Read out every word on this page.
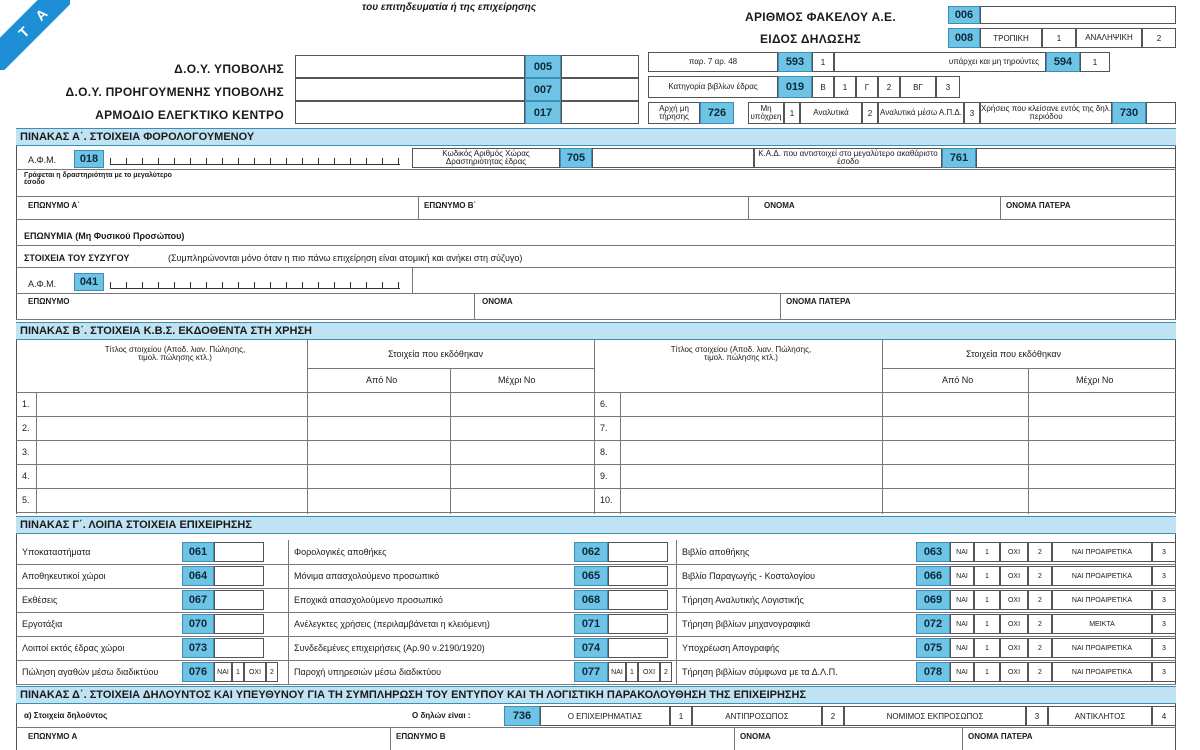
T A	του επιτηδευματία ή της επιχείρησης
ΑΡΙΘΜΟΣ ΦΑΚΕΛΟΥ Α.Ε.	006
ΕΙΔΟΣ ΔΗΛΩΣΗΣ	008	ΤΡΟΠΙΚΗ	1	ΑΝΑΛΗΨΙΚΗ	2
Δ.Ο.Υ. ΥΠΟΒΟΛΗΣ	005
Δ.Ο.Υ. ΠΡΟΗΓΟΥΜΕΝΗΣ ΥΠΟΒΟΛΗΣ	007
ΑΡΜΟΔΙΟ ΕΛΕΓΚΤΙΚΟ ΚΕΝΤΡΟ	017
παρ. 7 αρ. 48	593	1	υπάρχει και μη τηρούντες	594	1
Κατηγορία βιβλίων έδρας	019	Β 1 Γ 2	ΒΓ	3
Αρχή μη τήρησης	726	Μη υπόχρεη 1 Αναλυτικά 2 Αναλυτικά μέσω Α.Π.Δ. 3
Χρήσεις που κλείσανε εντός της δηλ. περιόδου	730
ΠΙΝΑΚΑΣ Α΄. ΣΤΟΙΧΕΙΑ ΦΟΡΟΛΟΓΟΥΜΕΝΟΥ
Α.Φ.Μ.	018	Κωδικός Αριθμός Χώρας Δραστηριότητας έδρας	705	Κ.Α.Δ. που αντιστοιχεί στο μεγαλύτερο ακαθάριστο έσοδο	761
Γράφεται η δραστηριότητα με το μεγαλύτερο έσοδο
ΕΠΩΝΥΜΟ Α΄	ΕΠΩΝΥΜΟ Β΄	ΟΝΟΜΑ	ΟΝΟΜΑ ΠΑΤΕΡΑ
ΕΠΩΝΥΜΙΑ (Μη Φυσικού Προσώπου)
ΣΤΟΙΧΕΙΑ ΤΟΥ ΣΥΖΥΓΟΥ	(Συμπληρώνονται μόνο όταν η πιο πάνω επιχείρηση είναι ατομική και ανήκει στη σύζυγο)
Α.Φ.Μ.	041
ΕΠΩΝΥΜΟ	ΟΝΟΜΑ	ΟΝΟΜΑ ΠΑΤΕΡΑ
ΠΙΝΑΚΑΣ Β΄. ΣΤΟΙΧΕΙΑ Κ.Β.Σ. ΕΚΔΟΘΕΝΤΑ ΣΤΗ ΧΡΗΣΗ
Τίτλος στοιχείου (Αποδ. λιαν. Πώλησης, τιμολ. πώλησης κτλ.)	Στοιχεία που εκδόθηκαν
Από Νο	Μέχρι Νο
Τίτλος στοιχείου (Αποδ. λιαν. Πώλησης, τιμολ. πώλησης κτλ.)	Στοιχεία που εκδόθηκαν
Από Νο	Μέχρι Νο
1.	6.
2.	7.
3.	8.
4.	9.
5.	10.
ΠΙΝΑΚΑΣ Γ΄. ΛΟΙΠΑ ΣΤΟΙΧΕΙΑ ΕΠΙΧΕΙΡΗΣΗΣ
Υποκαταστήματα	061	Φορολογικές αποθήκες	062	Βιβλίο αποθήκης	063	ΝΑΙ	1	ΟΧΙ	2	ΝΑΙ ΠΡΟΑΙΡΕΤΙΚΑ	3
Αποθηκευτικοί χώροι	064	Μόνιμα απασχολούμενο προσωπικό	065	Βιβλίο Παραγωγής - Κοστολογίου	066	ΝΑΙ	1	ΟΧΙ	2	ΝΑΙ ΠΡΟΑΙΡΕΤΙΚΑ	3
Εκθέσεις	067	Εποχικά απασχολούμενο προσωπικό	068	Τήρηση Αναλυτικής Λογιστικής	069	ΝΑΙ	1	ΟΧΙ	2	ΝΑΙ ΠΡΟΑΙΡΕΤΙΚΑ	3
Εργοτάξια	070	Ανέλεγκτες χρήσεις (περιλαμβάνεται η κλειόμενη)	071	Τήρηση βιβλίων μηχανογραφικά	072	ΝΑΙ	1	ΟΧΙ	2	ΜΕΙΚΤΑ	3
Λοιποί εκτός έδρας χώροι	073	Συνδεδεμένες επιχειρήσεις (Αρ.90 ν.2190/1920)	074	Υποχρέωση Απογραφής	075	ΝΑΙ	1	ΟΧΙ	2	ΝΑΙ ΠΡΟΑΙΡΕΤΙΚΑ	3
Πώληση αγαθών μέσω διαδικτύου	076	ΝΑΙ	1	ΟΧΙ	2	Παροχή υπηρεσιών μέσω διαδικτύου	077	ΝΑΙ	1	ΟΧΙ	2	Τήρηση βιβλίων σύμφωνα με τα Δ.Λ.Π.	078	ΝΑΙ	1	ΟΧΙ	2	ΝΑΙ ΠΡΟΑΙΡΕΤΙΚΑ	3
ΠΙΝΑΚΑΣ Δ΄. ΣΤΟΙΧΕΙΑ ΔΗΛΟΥΝΤΟΣ ΚΑΙ ΥΠΕΥΘΥΝΟΥ ΓΙΑ ΤΗ ΣΥΜΠΛΗΡΩΣΗ ΤΟΥ ΕΝΤΥΠΟΥ ΚΑΙ ΤΗ ΛΟΓΙΣΤΙΚΗ ΠΑΡΑΚΟΛΟΥΘΗΣΗ ΤΗΣ ΕΠΙΧΕΙΡΗΣΗΣ
α) Στοιχεία δηλούντος	Ο δηλών είναι :	736	Ο ΕΠΙΧΕΙΡΗΜΑΤΙΑΣ	1	ΑΝΤΙΠΡΟΣΩΠΟΣ	2	ΝΟΜΙΜΟΣ ΕΚΠΡΟΣΩΠΟΣ	3	ΑΝΤΙΚΛΗΤΟΣ	4
ΕΠΩΝΥΜΟ Α	ΕΠΩΝΥΜΟ Β	ΟΝΟΜΑ	ΟΝΟΜΑ ΠΑΤΕΡΑ
